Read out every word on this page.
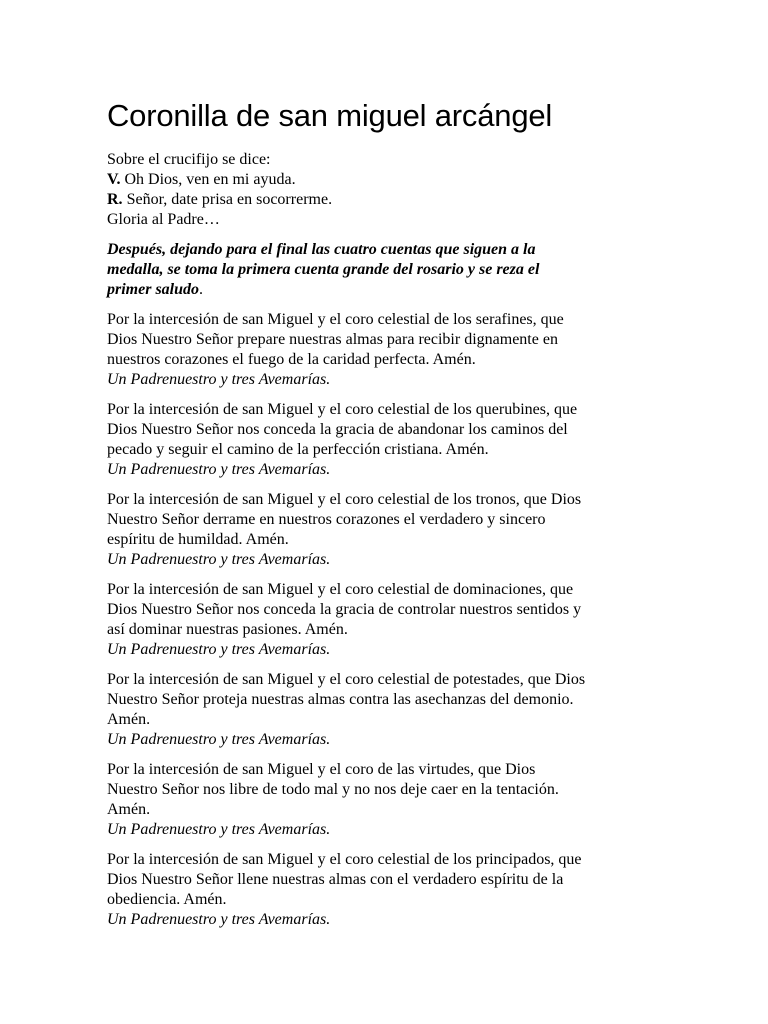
Coronilla de san miguel arcángel
Sobre el crucifijo se dice:
V. Oh Dios, ven en mi ayuda.
R. Señor, date prisa en socorrerme.
Gloria al Padre…
Después, dejando para el final las cuatro cuentas que siguen a la
medalla, se toma la primera cuenta grande del rosario y se reza el
primer saludo.
Por la intercesión de san Miguel y el coro celestial de los serafines, que
Dios Nuestro Señor prepare nuestras almas para recibir dignamente en
nuestros corazones el fuego de la caridad perfecta. Amén.
Un Padrenuestro y tres Avemarías.
Por la intercesión de san Miguel y el coro celestial de los querubines, que
Dios Nuestro Señor nos conceda la gracia de abandonar los caminos del
pecado y seguir el camino de la perfección cristiana. Amén.
Un Padrenuestro y tres Avemarías.
Por la intercesión de san Miguel y el coro celestial de los tronos, que Dios
Nuestro Señor derrame en nuestros corazones el verdadero y sincero
espíritu de humildad. Amén.
Un Padrenuestro y tres Avemarías.
Por la intercesión de san Miguel y el coro celestial de dominaciones, que
Dios Nuestro Señor nos conceda la gracia de controlar nuestros sentidos y
así dominar nuestras pasiones. Amén.
Un Padrenuestro y tres Avemarías.
Por la intercesión de san Miguel y el coro celestial de potestades, que Dios
Nuestro Señor proteja nuestras almas contra las asechanzas del demonio.
Amén.
Un Padrenuestro y tres Avemarías.
Por la intercesión de san Miguel y el coro de las virtudes, que Dios
Nuestro Señor nos libre de todo mal y no nos deje caer en la tentación.
Amén.
Un Padrenuestro y tres Avemarías.
Por la intercesión de san Miguel y el coro celestial de los principados, que
Dios Nuestro Señor llene nuestras almas con el verdadero espíritu de la
obediencia. Amén.
Un Padrenuestro y tres Avemarías.
